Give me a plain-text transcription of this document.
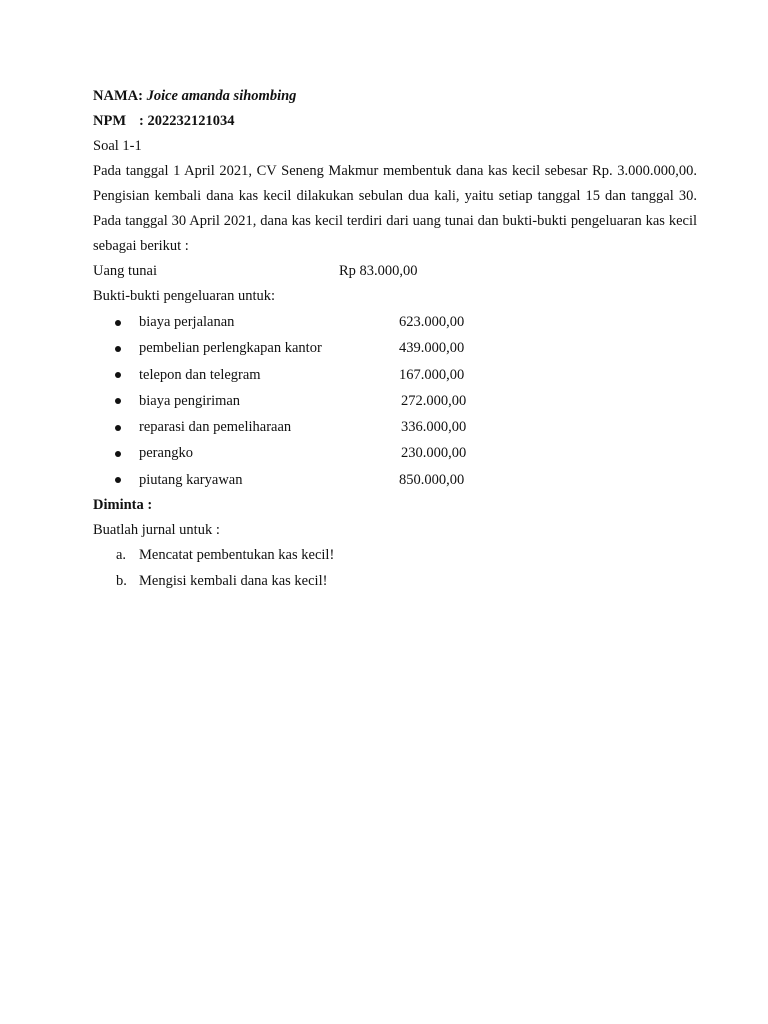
NAMA: Joice amanda sihombing
NPM : 202232121034
Soal 1-1
Pada tanggal 1 April 2021, CV Seneng Makmur membentuk dana kas kecil sebesar Rp. 3.000.000,00. Pengisian kembali dana kas kecil dilakukan sebulan dua kali, yaitu setiap tanggal 15 dan tanggal 30. Pada tanggal 30 April 2021, dana kas kecil terdiri dari uang tunai dan bukti-bukti pengeluaran kas kecil sebagai berikut :
Uang tunai	Rp 83.000,00
Bukti-bukti pengeluaran untuk:
biaya perjalanan	623.000,00
pembelian perlengkapan kantor	439.000,00
telepon dan telegram	167.000,00
biaya pengiriman	272.000,00
reparasi dan pemeliharaan	336.000,00
perangko	230.000,00
piutang karyawan	850.000,00
Diminta :
Buatlah jurnal untuk :
a. Mencatat pembentukan kas kecil!
b. Mengisi kembali dana kas kecil!
